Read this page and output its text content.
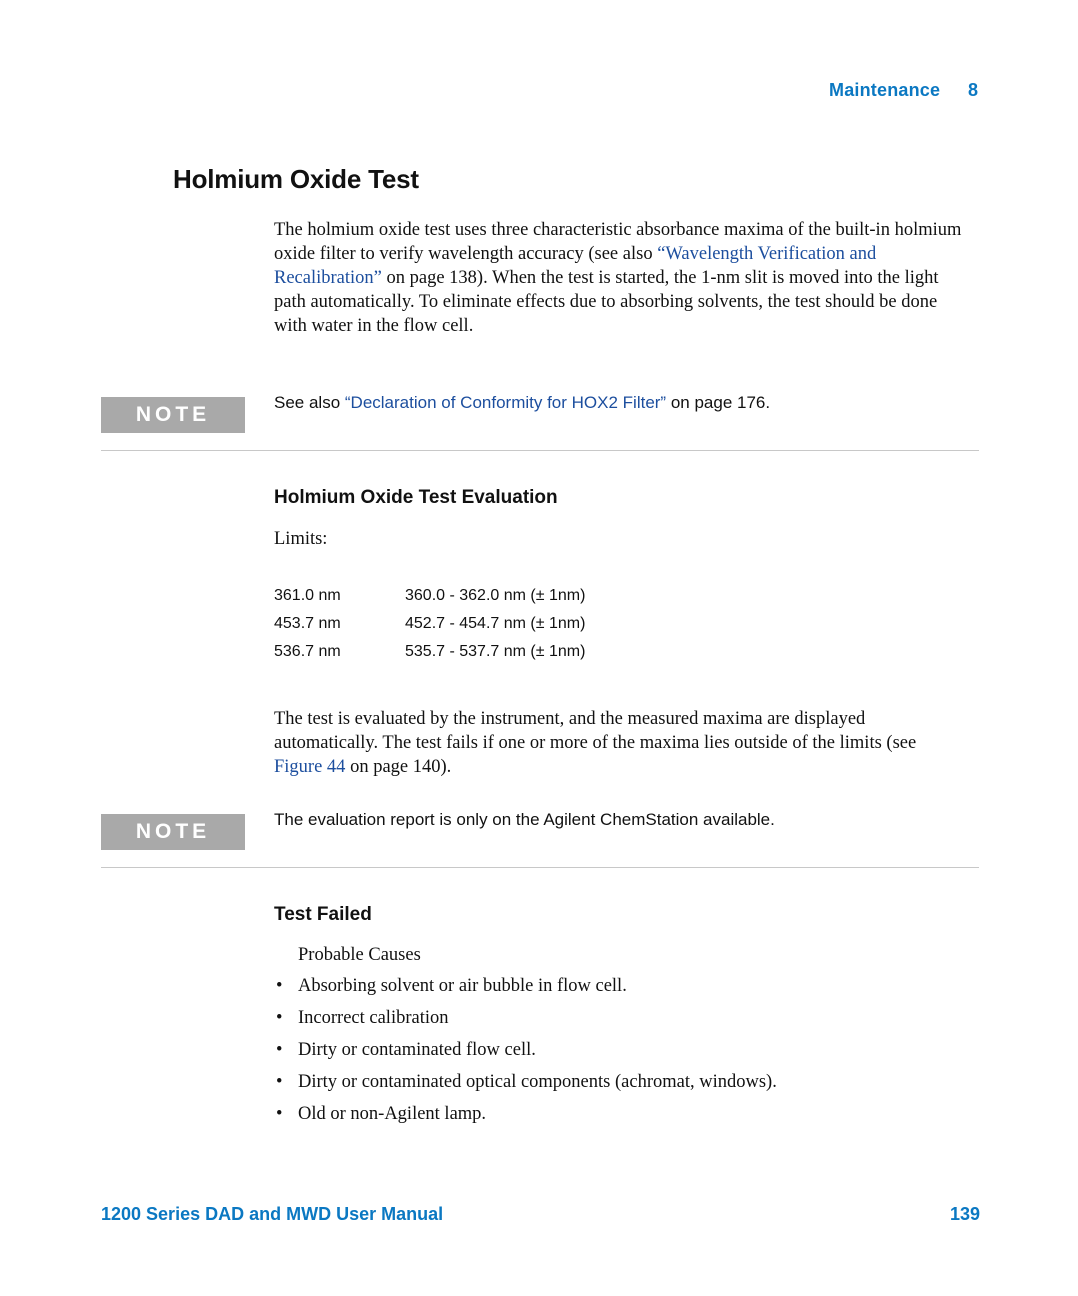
Maintenance 8
Holmium Oxide Test

The holmium oxide test uses three characteristic absorbance maxima of the built-in holmium oxide filter to verify wavelength accuracy (see also “Wavelength Verification and Recalibration” on page 138). When the test is started, the 1-nm slit is moved into the light path automatically. To eliminate effects due to absorbing solvents, the test should be done with water in the flow cell.

NOTE

See also “Declaration of Conformity for HOX2 Filter” on page 176.

Holmium Oxide Test Evaluation
Limits:
361.0 nm	360.0 - 362.0 nm (± 1nm)
453.7 nm	452.7 - 454.7 nm (± 1nm)
536.7 nm	535.7 - 537.7 nm (± 1nm)

The test is evaluated by the instrument, and the measured maxima are displayed automatically. The test fails if one or more of the maxima lies outside of the limits (see Figure 44 on page 140).

NOTE

The evaluation report is only on the Agilent ChemStation available.

Test Failed
Probable Causes
• Absorbing solvent or air bubble in flow cell.
• Incorrect calibration
• Dirty or contaminated flow cell.
• Dirty or contaminated optical components (achromat, windows).
• Old or non-Agilent lamp.
1200 Series DAD and MWD User Manual	139
